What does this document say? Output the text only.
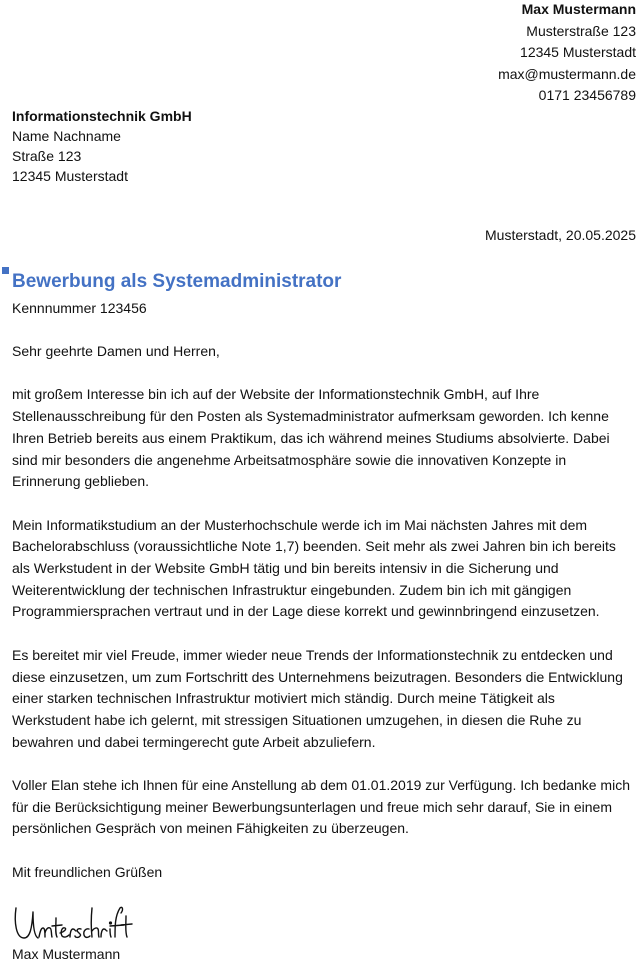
Max Mustermann
Musterstraße 123
12345 Musterstadt
max@mustermann.de
0171 23456789
Informationstechnik GmbH
Name Nachname
Straße 123
12345 Musterstadt
Musterstadt, 20.05.2025
Bewerbung als Systemadministrator
Kennnummer 123456

Sehr geehrte Damen und Herren,

mit großem Interesse bin ich auf der Website der Informationstechnik GmbH, auf Ihre Stellenausschreibung für den Posten als Systemadministrator aufmerksam geworden. Ich kenne Ihren Betrieb bereits aus einem Praktikum, das ich während meines Studiums absolvierte. Dabei sind mir besonders die angenehme Arbeitsatmosphäre sowie die innovativen Konzepte in Erinnerung geblieben.

Mein Informatikstudium an der Musterhochschule werde ich im Mai nächsten Jahres mit dem Bachelorabschluss (voraussichtliche Note 1,7) beenden. Seit mehr als zwei Jahren bin ich bereits als Werkstudent in der Website GmbH tätig und bin bereits intensiv in die Sicherung und Weiterentwicklung der technischen Infrastruktur eingebunden. Zudem bin ich mit gängigen Programmiersprachen vertraut und in der Lage diese korrekt und gewinnbringend einzusetzen.

Es bereitet mir viel Freude, immer wieder neue Trends der Informationstechnik zu entdecken und diese einzusetzen, um zum Fortschritt des Unternehmens beizutragen. Besonders die Entwicklung einer starken technischen Infrastruktur motiviert mich ständig. Durch meine Tätigkeit als Werkstudent habe ich gelernt, mit stressigen Situationen umzugehen, in diesen die Ruhe zu bewahren und dabei termingerecht gute Arbeit abzuliefern.

Voller Elan stehe ich Ihnen für eine Anstellung ab dem 01.01.2019 zur Verfügung. Ich bedanke mich für die Berücksichtigung meiner Bewerbungsunterlagen und freue mich sehr darauf, Sie in einem persönlichen Gespräch von meinen Fähigkeiten zu überzeugen.

Mit freundlichen Grüßen

Max Mustermann
